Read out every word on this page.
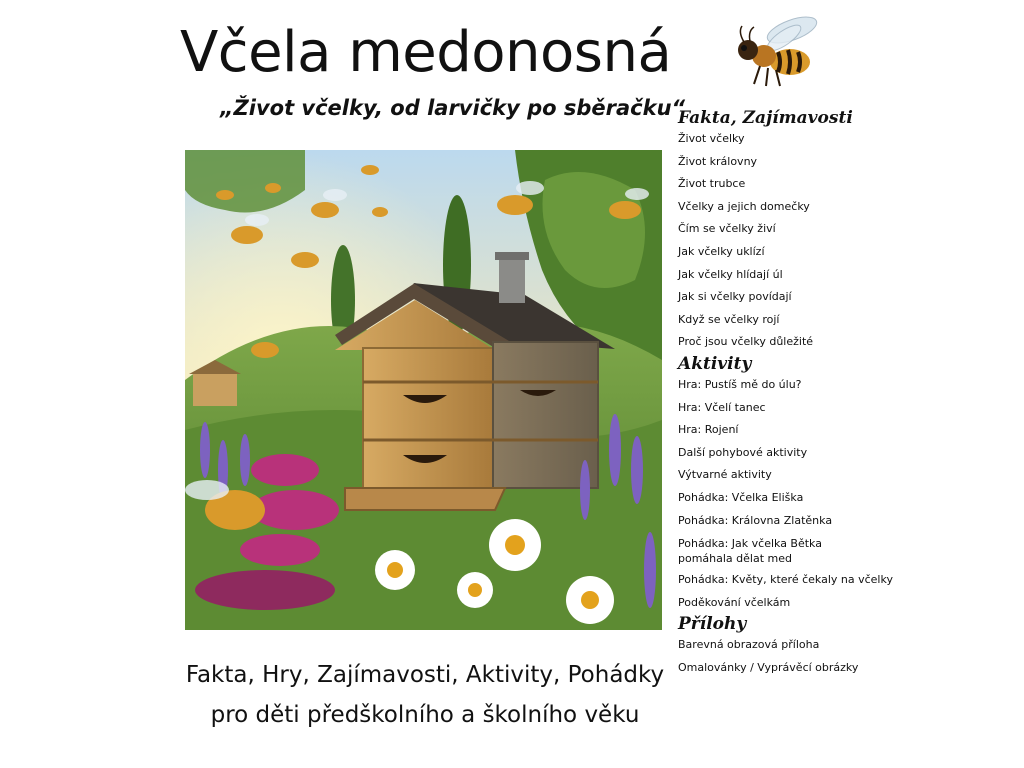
Včela medonosná
„Život včelky, od larvičky po sběračku“
Fakta, Hry, Zajímavosti, Aktivity, Pohádky
pro děti předškolního a školního věku
Fakta, Zajímavosti
Život včelky
Život královny
Život trubce
Včelky a jejich domečky
Čím se včelky živí
Jak včelky uklízí
Jak včelky hlídají úl
Jak si včelky povídají
Když se včelky rojí
Proč jsou včelky důležité
Aktivity
Hra: Pustíš mě do úlu?
Hra: Včelí tanec
Hra: Rojení
Další pohybové aktivity
Výtvarné aktivity
Pohádka: Včelka Eliška
Pohádka: Královna Zlatěnka
Pohádka: Jak včelka Bětka pomáhala dělat med
Pohádka: Květy, které čekaly na včelky
Poděkování včelkám
Přílohy
Barevná obrazová příloha
Omalovánky / Vyprávěcí obrázky
